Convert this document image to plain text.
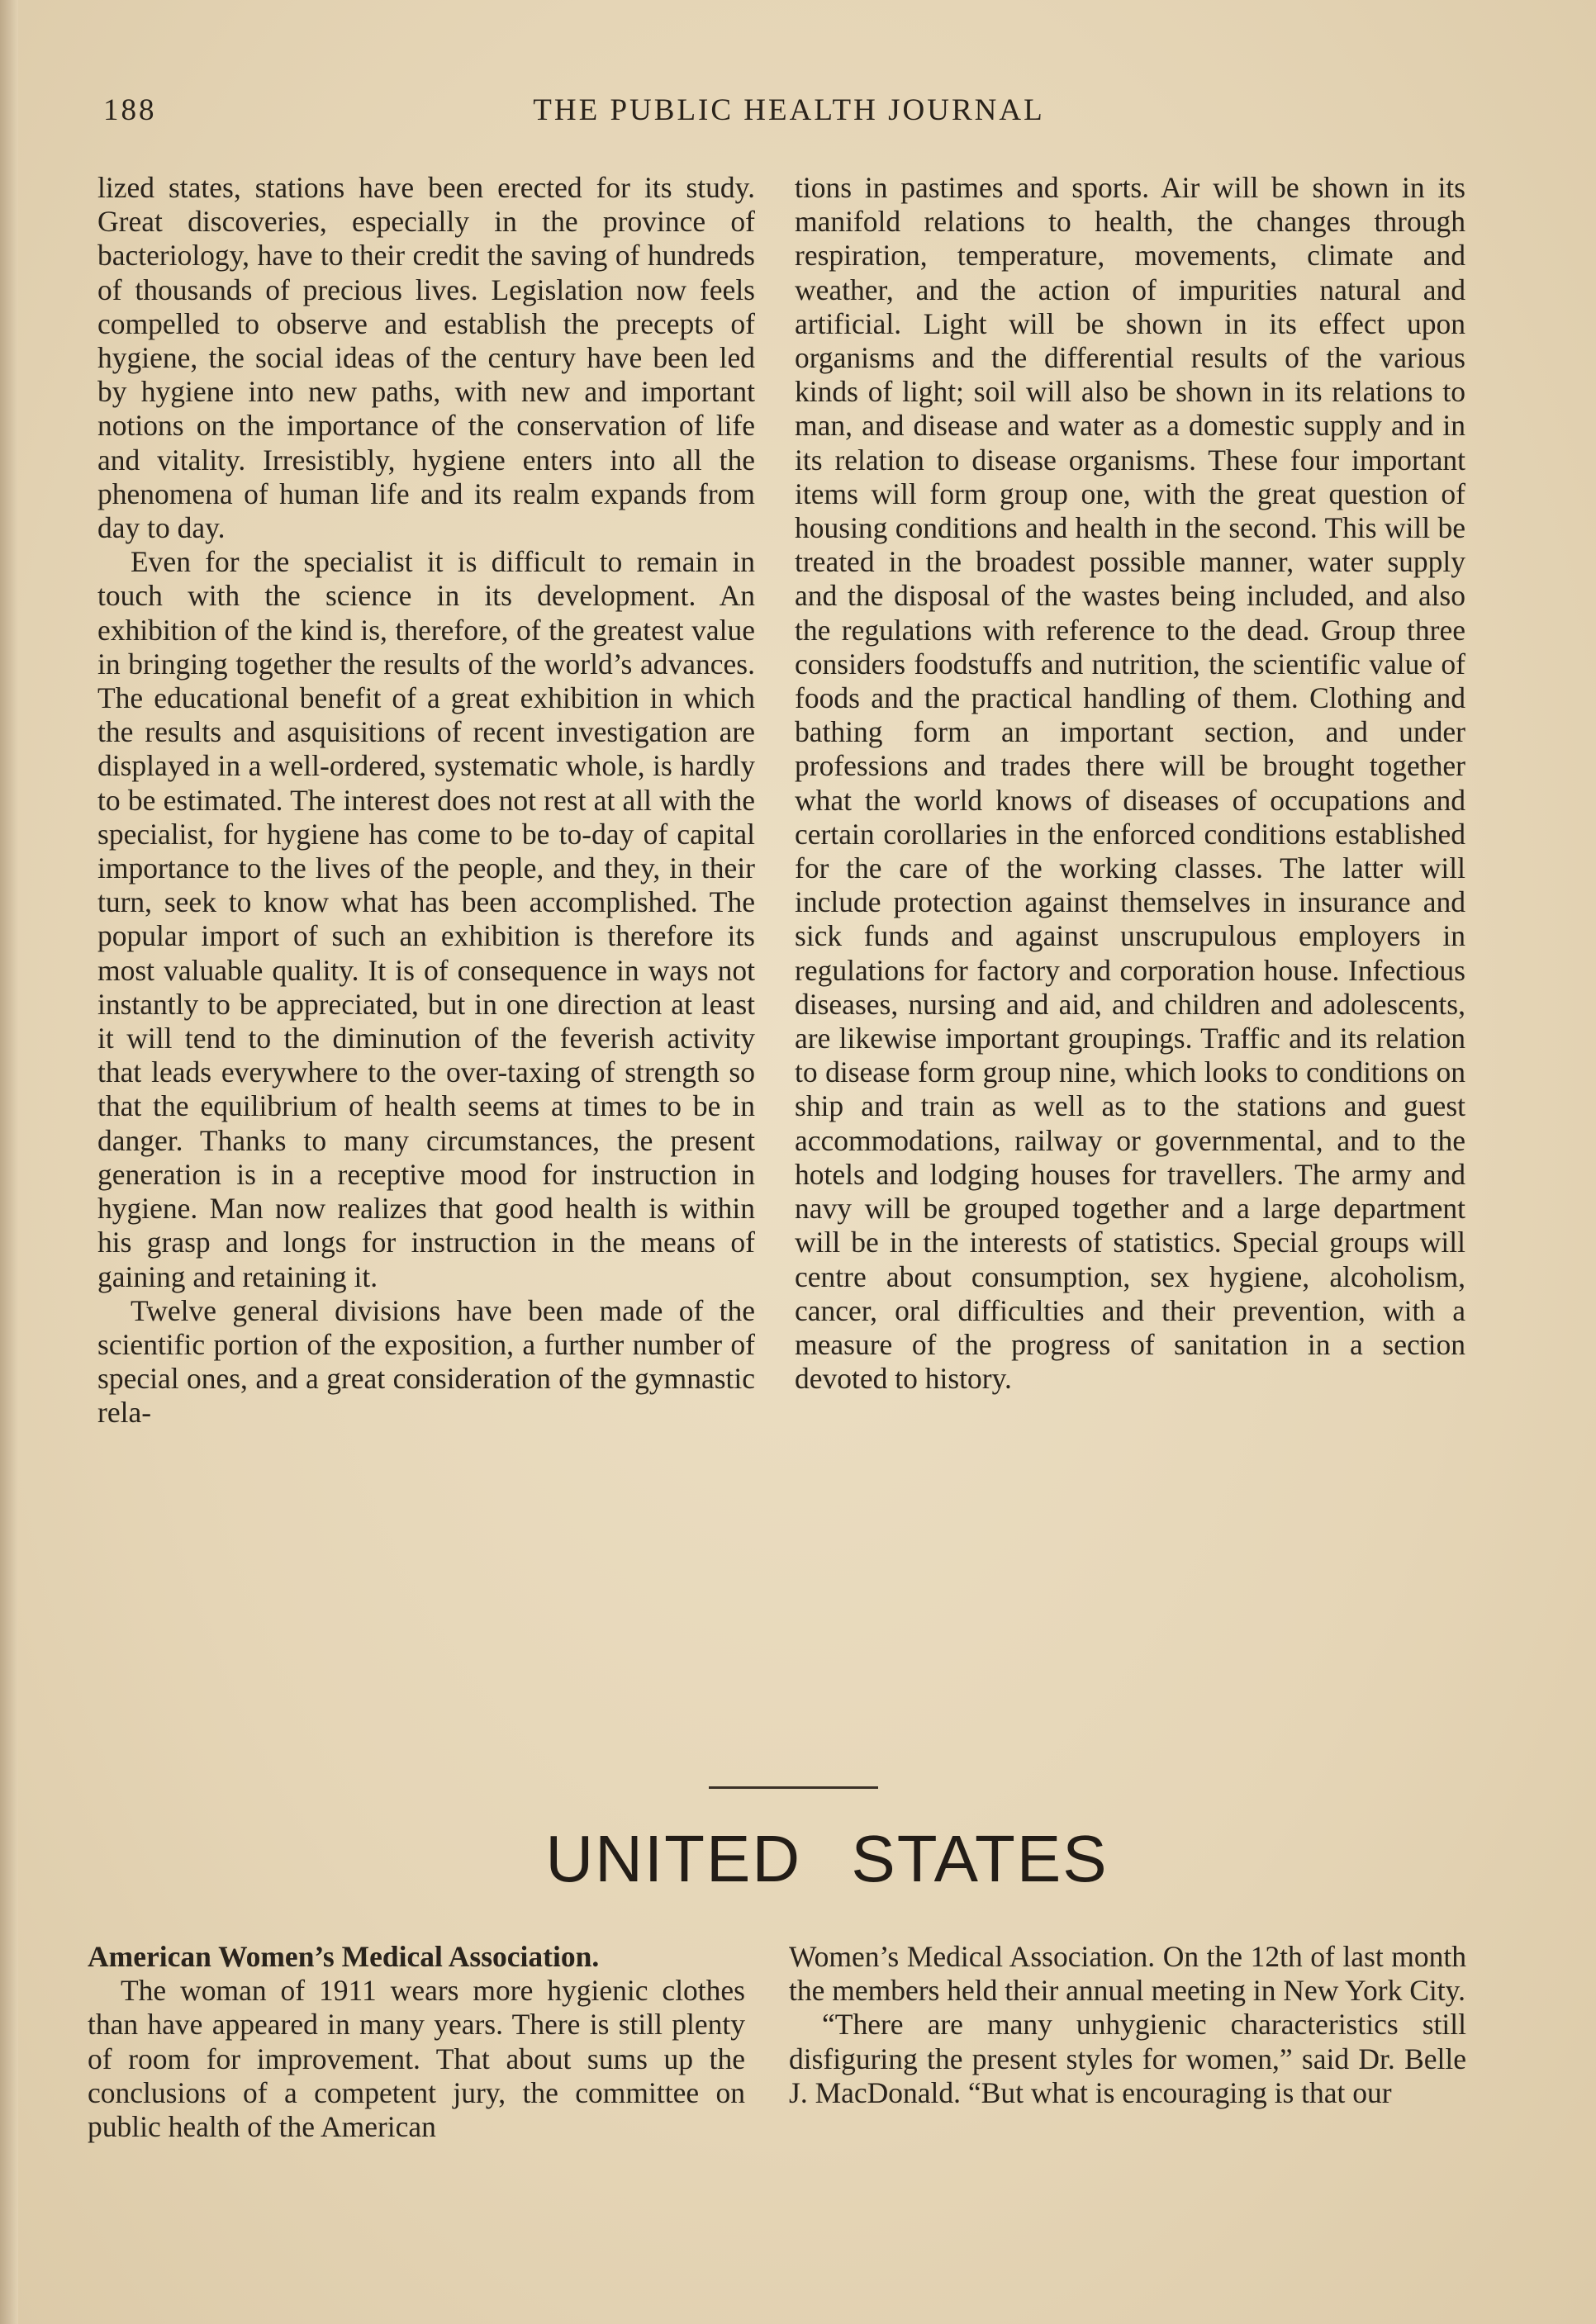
188	THE PUBLIC HEALTH JOURNAL

lized states, stations have been erected for its study. Great discoveries, especially in the province of bacteriology, have to their credit the saving of hundreds of thousands of precious lives. Legislation now feels compelled to observe and establish the precepts of hygiene, the social ideas of the century have been led by hygiene into new paths, with new and important notions on the importance of the conservation of life and vitality. Irresistibly, hygiene enters into all the phenomena of human life and its realm expands from day to day.

Even for the specialist it is difficult to remain in touch with the science in its development. An exhibition of the kind is, therefore, of the greatest value in bringing together the results of the world’s advances. The educational benefit of a great exhibition in which the results and asquisitions of recent investigation are displayed in a well-ordered, systematic whole, is hardly to be estimated. The interest does not rest at all with the specialist, for hygiene has come to be to-day of capital importance to the lives of the people, and they, in their turn, seek to know what has been accomplished. The popular import of such an exhibition is therefore its most valuable quality. It is of consequence in ways not instantly to be appreciated, but in one direction at least it will tend to the diminution of the feverish activity that leads everywhere to the over-taxing of strength so that the equilibrium of health seems at times to be in danger. Thanks to many circumstances, the present generation is in a receptive mood for instruction in hygiene. Man now realizes that good health is within his grasp and longs for instruction in the means of gaining and retaining it.

Twelve general divisions have been made of the scientific portion of the exposition, a further number of special ones, and a great consideration of the gymnastic rela-

tions in pastimes and sports. Air will be shown in its manifold relations to health, the changes through respiration, temperature, movements, climate and weather, and the action of impurities natural and artificial. Light will be shown in its effect upon organisms and the differential results of the various kinds of light; soil will also be shown in its relations to man, and disease and water as a domestic supply and in its relation to disease organisms. These four important items will form group one, with the great question of housing conditions and health in the second. This will be treated in the broadest possible manner, water supply and the disposal of the wastes being included, and also the regulations with reference to the dead. Group three considers foodstuffs and nutrition, the scientific value of foods and the practical handling of them. Clothing and bathing form an important section, and under professions and trades there will be brought together what the world knows of diseases of occupations and certain corollaries in the enforced conditions established for the care of the working classes. The latter will include protection against themselves in insurance and sick funds and against unscrupulous employers in regulations for factory and corporation house. Infectious diseases, nursing and aid, and children and adolescents, are likewise important groupings. Traffic and its relation to disease form group nine, which looks to conditions on ship and train as well as to the stations and guest accommodations, railway or governmental, and to the hotels and lodging houses for travellers. The army and navy will be grouped together and a large department will be in the interests of statistics. Special groups will centre about consumption, sex hygiene, alcoholism, cancer, oral difficulties and their prevention, with a measure of the progress of sanitation in a section devoted to history.

UNITED STATES

American Women’s Medical Association.

The woman of 1911 wears more hygienic clothes than have appeared in many years. There is still plenty of room for improvement. That about sums up the conclusions of a competent jury, the committee on public health of the American

Women’s Medical Association. On the 12th of last month the members held their annual meeting in New York City.

“There are many unhygienic characteristics still disfiguring the present styles for women,” said Dr. Belle J. MacDonald. “But what is encouraging is that our
